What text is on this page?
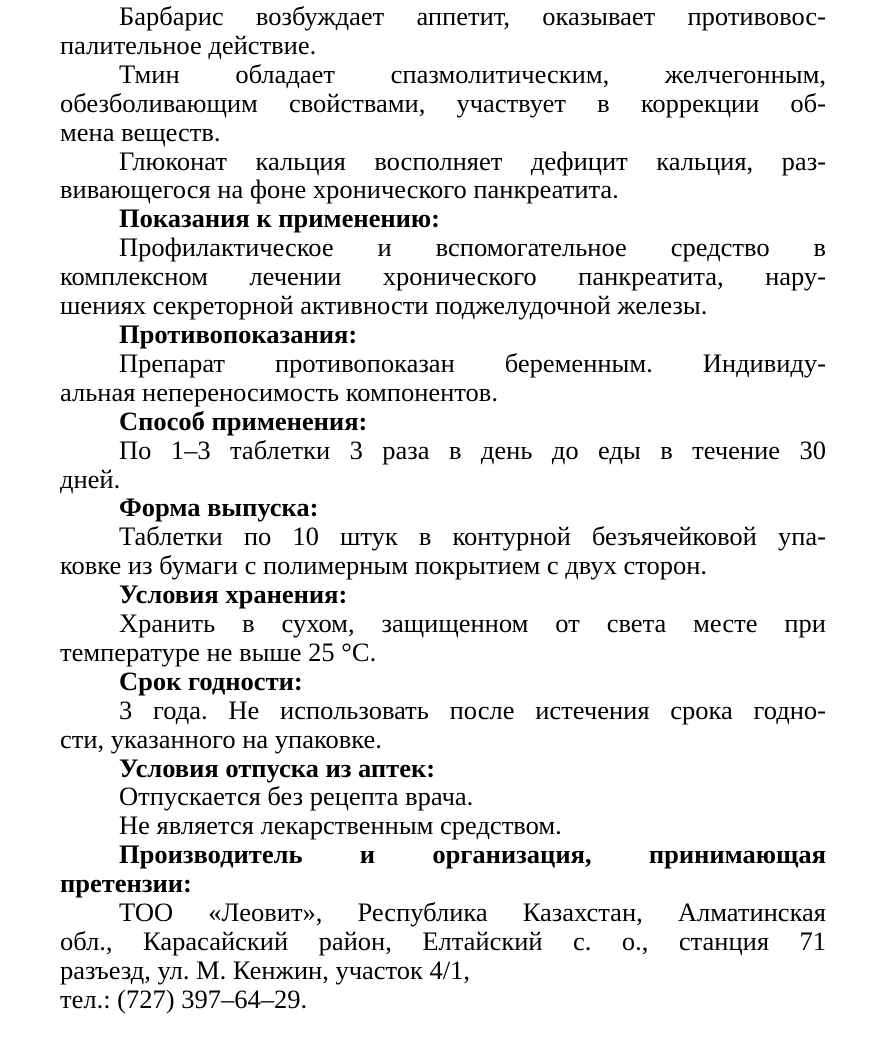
Барбарис возбуждает аппетит, оказывает противовос-
палительное действие.

Тмин обладает спазмолитическим, желчегонным,
обезболивающим свойствами, участвует в коррекции об-
мена веществ.

Глюконат кальция восполняет дефицит кальция, раз-
вивающегося на фоне хронического панкреатита.

Показания к применению:

Профилактическое и вспомогательное средство в
комплексном лечении хронического панкреатита, нару-
шениях секреторной активности поджелудочной железы.

Противопоказания:

Препарат противопоказан беременным. Индивиду-
альная непереносимость компонентов.

Способ применения:

По 1–3 таблетки 3 раза в день до еды в течение 30
дней.

Форма выпуска:

Таблетки по 10 штук в контурной безъячейковой упа-
ковке из бумаги с полимерным покрытием с двух сторон.

Условия хранения:

Хранить в сухом, защищенном от света месте при
температуре не выше 25 °С.

Срок годности:

3 года. Не использовать после истечения срока годно-
сти, указанного на упаковке.

Условия отпуска из аптек:

Отпускается без рецепта врача.

Не является лекарственным средством.

Производитель и организация, принимающая
претензии:

ТОО «Леовит», Республика Казахстан, Алматинская
обл., Карасайский район, Елтайский с. о., станция 71
разъезд, ул. М. Кенжин, участок 4/1,

тел.: (727) 397–64–29.
